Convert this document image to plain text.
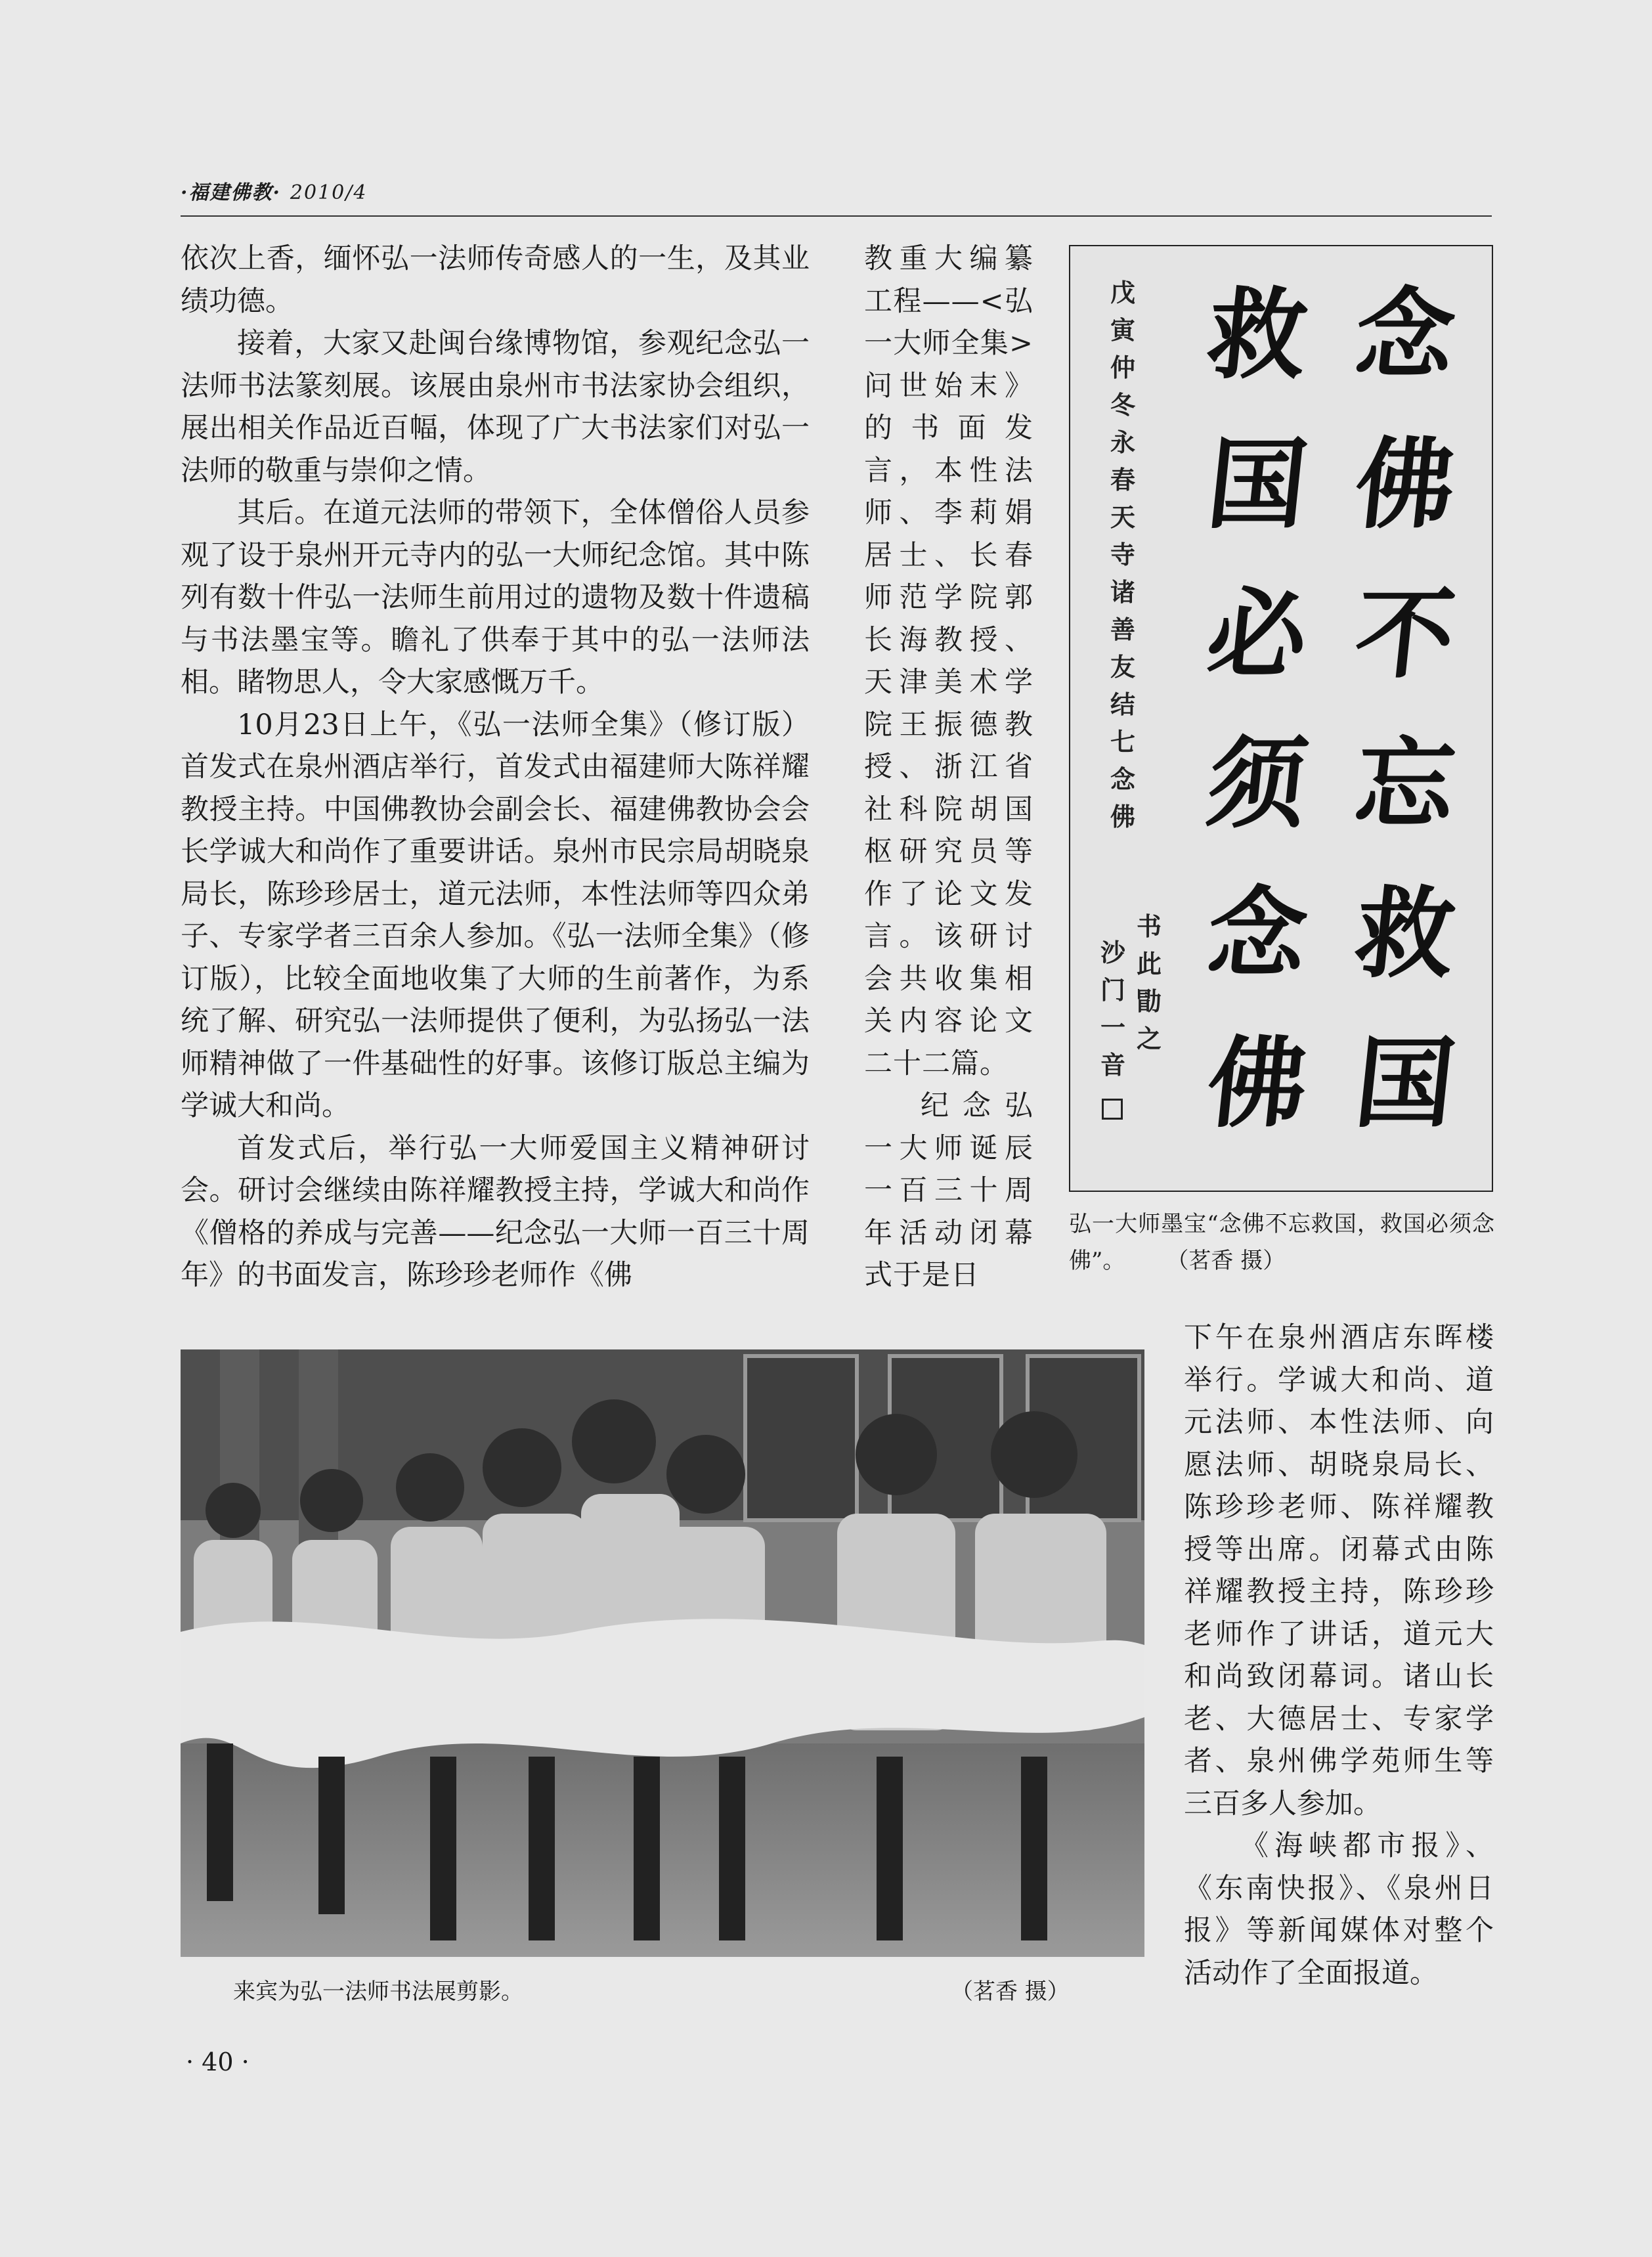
·福建佛教· 2010/4

依次上香，缅怀弘一法师传奇感人的一生，及其业绩功德。

接着，大家又赴闽台缘博物馆，参观纪念弘一法师书法篆刻展。该展由泉州市书法家协会组织，展出相关作品近百幅，体现了广大书法家们对弘一法师的敬重与崇仰之情。

其后。在道元法师的带领下，全体僧俗人员参观了设于泉州开元寺内的弘一大师纪念馆。其中陈列有数十件弘一法师生前用过的遗物及数十件遗稿与书法墨宝等。瞻礼了供奉于其中的弘一法师法相。睹物思人，令大家感慨万千。

10月23日上午，《弘一法师全集》（修订版）首发式在泉州酒店举行，首发式由福建师大陈祥耀教授主持。中国佛教协会副会长、福建佛教协会会长学诚大和尚作了重要讲话。泉州市民宗局胡晓泉局长，陈珍珍居士，道元法师，本性法师等四众弟子、专家学者三百余人参加。《弘一法师全集》（修订版），比较全面地收集了大师的生前著作，为系统了解、研究弘一法师提供了便利，为弘扬弘一法师精神做了一件基础性的好事。该修订版总主编为学诚大和尚。

首发式后，举行弘一大师爱国主义精神研讨会。研讨会继续由陈祥耀教授主持，学诚大和尚作《僧格的养成与完善——纪念弘一大师一百三十周年》的书面发言，陈珍珍老师作《佛

教重大编纂工程——<弘一大师全集>问世始末》的书面发言，本性法师、李莉娟居士、长春师范学院郭长海教授、天津美术学院王振德教授、浙江省社科院胡国枢研究员等作了论文发言。该研讨会共收集相关内容论文二十二篇。

纪念弘一大师诞辰一百三十周年活动闭幕式于是日

念
佛
不
忘
救
国
救
国
必
须
念
佛
戊
寅
仲
冬
永
春
天
寺
诸
善
友
结
七
念
佛
书
此
勖
之
沙
门
一
音
弘一大师墨宝“念佛不忘救国，救国必须念佛”。 （茗香 摄）
来宾为弘一法师书法展剪影。	（茗香 摄）

下午在泉州酒店东晖楼举行。学诚大和尚、道元法师、本性法师、向愿法师、胡晓泉局长、陈珍珍老师、陈祥耀教授等出席。闭幕式由陈祥耀教授主持，陈珍珍老师作了讲话，道元大和尚致闭幕词。诸山长老、大德居士、专家学者、泉州佛学苑师生等三百多人参加。

《海峡都市报》、《东南快报》、《泉州日报》等新闻媒体对整个活动作了全面报道。

· 40 ·
